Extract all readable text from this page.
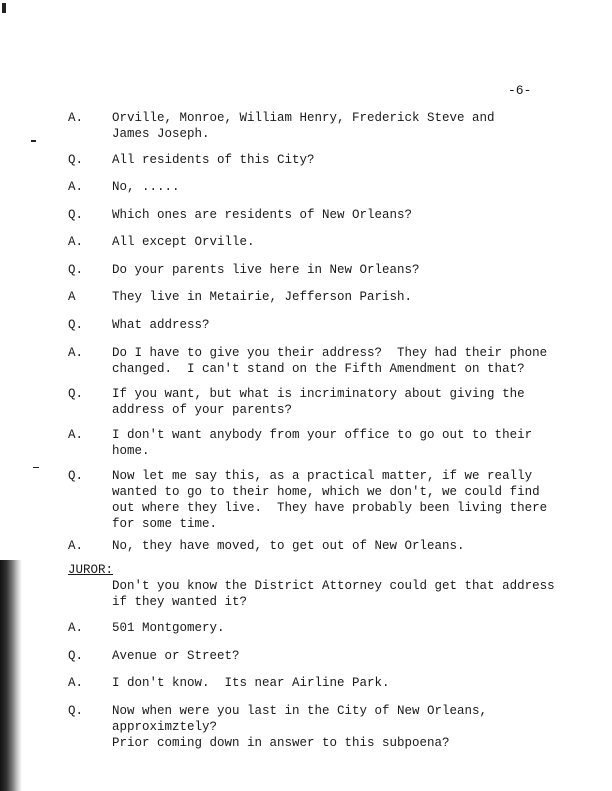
-6-
A. Orville, Monroe, William Henry, Frederick Steve and
James Joseph.
Q. All residents of this City?
A. No, .....
Q. Which ones are residents of New Orleans?
A. All except Orville.
Q. Do your parents live here in New Orleans?
A	They live in Metairie, Jefferson Parish.
Q. What address?
A. Do I have to give you their address?  They had their phone
changed.  I can't stand on the Fifth Amendment on that?
Q. If you want, but what is incriminatory about giving the
address of your parents?
A. I don't want anybody from your office to go out to their
home.
Q. Now let me say this, as a practical matter, if we really
wanted to go to their home, which we don't, we could find
out where they live.  They have probably been living there
for some time.
A. No, they have moved, to get out of New Orleans.
JUROR:
Don't you know the District Attorney could get that address
if they wanted it?
A. 501 Montgomery.
Q. Avenue or Street?
A. I don't know.  Its near Airline Park.
Q. Now when were you last in the City of New Orleans, approximztely?
Prior coming down in answer to this subpoena?
